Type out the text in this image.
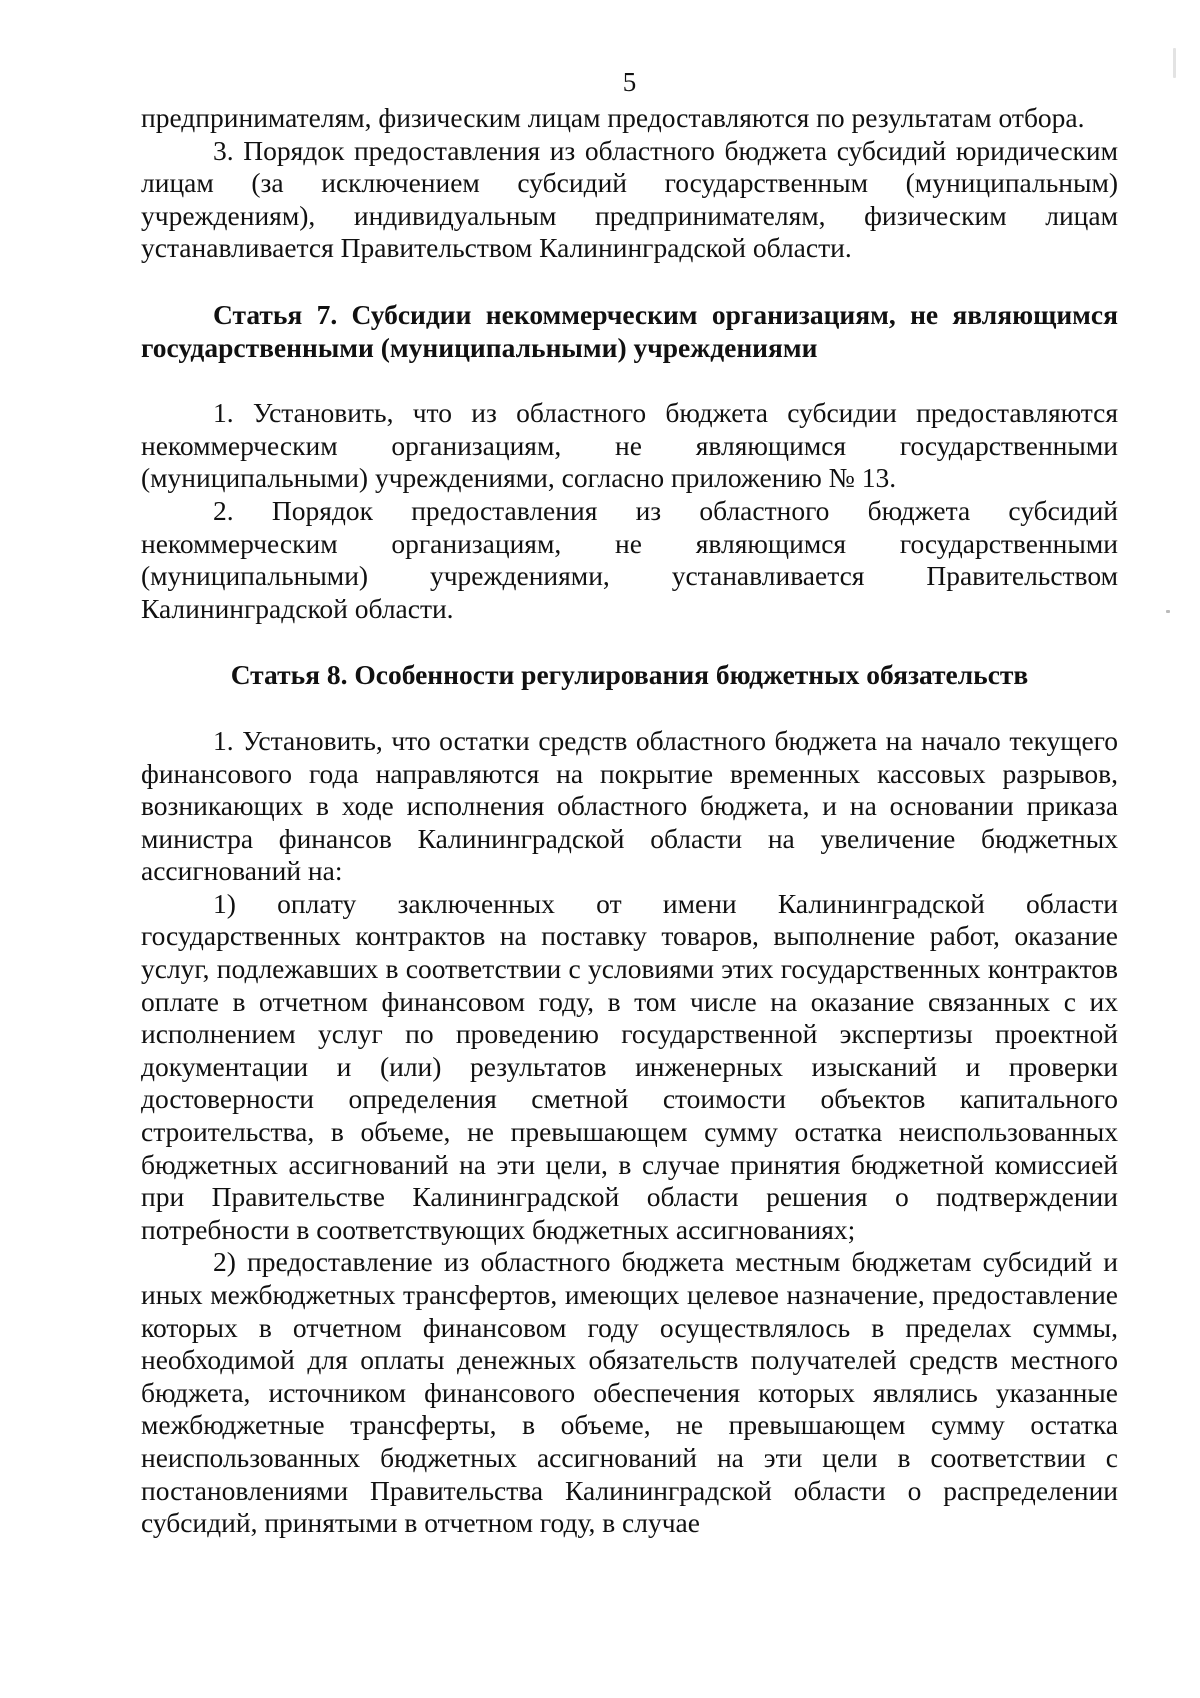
5

предпринимателям, физическим лицам предоставляются по результатам отбора.

3. Порядок предоставления из областного бюджета субсидий юридическим лицам (за исключением субсидий государственным (муниципальным) учреждениям), индивидуальным предпринимателям, физическим лицам устанавливается Правительством Калининградской области.

Статья 7. Субсидии некоммерческим организациям, не являющимся государственными (муниципальными) учреждениями

1. Установить, что из областного бюджета субсидии предоставляются некоммерческим организациям, не являющимся государственными (муниципальными) учреждениями, согласно приложению № 13.

2. Порядок предоставления из областного бюджета субсидий некоммерческим организациям, не являющимся государственными (муниципальными) учреждениями, устанавливается Правительством Калининградской области.

Статья 8. Особенности регулирования бюджетных обязательств

1. Установить, что остатки средств областного бюджета на начало текущего финансового года направляются на покрытие временных кассовых разрывов, возникающих в ходе исполнения областного бюджета, и на основании приказа министра финансов Калининградской области на увеличение бюджетных ассигнований на:

1) оплату заключенных от имени Калининградской области государственных контрактов на поставку товаров, выполнение работ, оказание услуг, подлежавших в соответствии с условиями этих государственных контрактов оплате в отчетном финансовом году, в том числе на оказание связанных с их исполнением услуг по проведению государственной экспертизы проектной документации и (или) результатов инженерных изысканий и проверки достоверности определения сметной стоимости объектов капитального строительства, в объеме, не превышающем сумму остатка неиспользованных бюджетных ассигнований на эти цели, в случае принятия бюджетной комиссией при Правительстве Калининградской области решения о подтверждении потребности в соответствующих бюджетных ассигнованиях;

2) предоставление из областного бюджета местным бюджетам субсидий и иных межбюджетных трансфертов, имеющих целевое назначение, предоставление которых в отчетном финансовом году осуществлялось в пределах суммы, необходимой для оплаты денежных обязательств получателей средств местного бюджета, источником финансового обеспечения которых являлись указанные межбюджетные трансферты, в объеме, не превышающем сумму остатка неиспользованных бюджетных ассигнований на эти цели в соответствии с постановлениями Правительства Калининградской области о распределении субсидий, принятыми в отчетном году, в случае
